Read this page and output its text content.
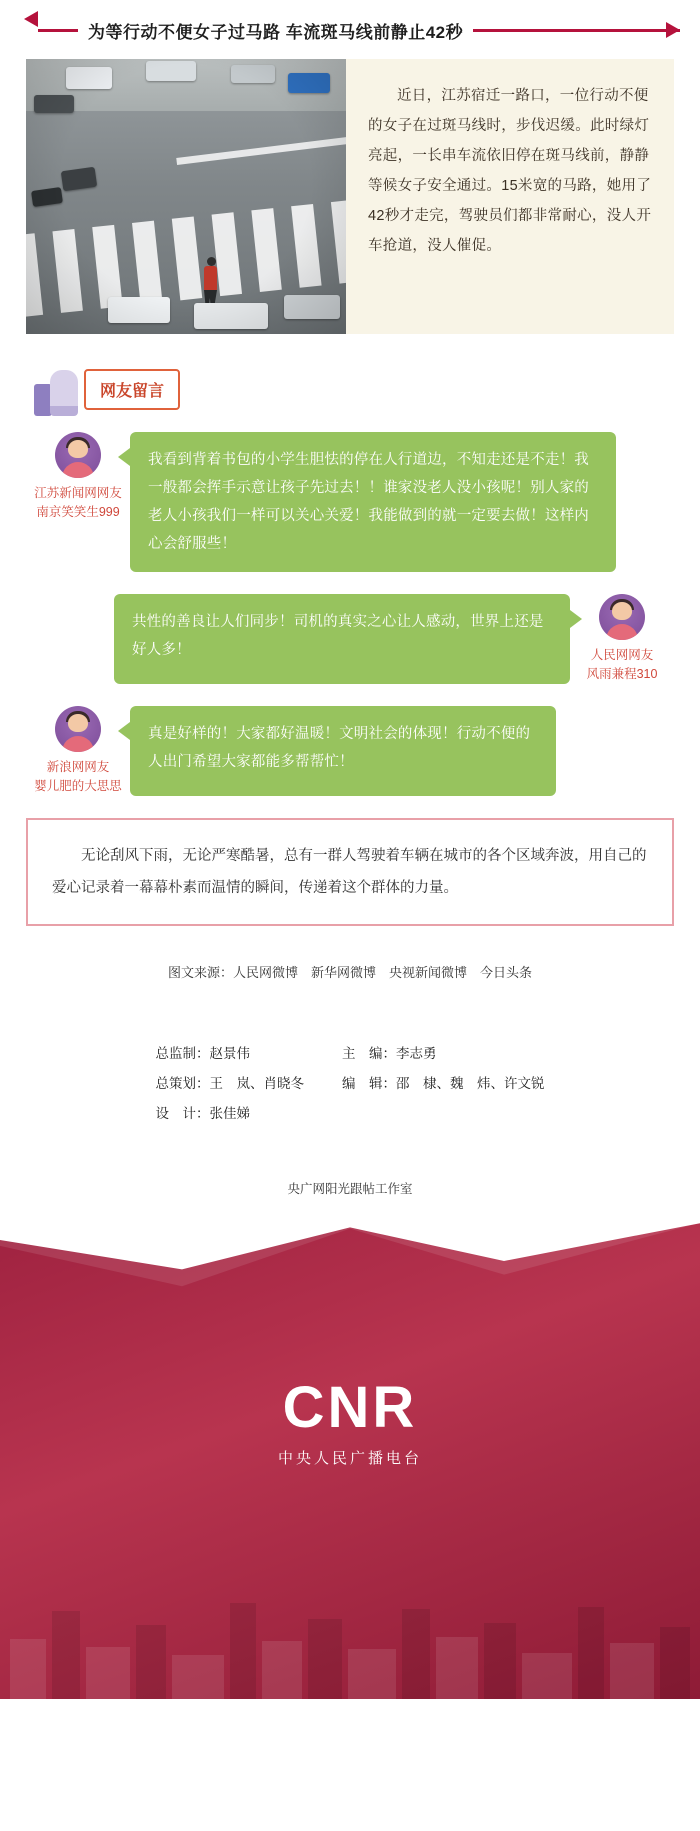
为等行动不便女子过马路 车流斑马线前静止42秒

近日，江苏宿迁一路口，一位行动不便的女子在过斑马线时，步伐迟缓。此时绿灯亮起，一长串车流依旧停在斑马线前，静静等候女子安全通过。15米宽的马路，她用了42秒才走完，驾驶员们都非常耐心，没人开车抢道，没人催促。

网友留言
江苏新闻网网友
南京笑笑生999
我看到背着书包的小学生胆怯的停在人行道边，不知走还是不走！我一般都会挥手示意让孩子先过去！！谁家没老人没小孩呢！别人家的老人小孩我们一样可以关心关爱！我能做到的就一定要去做！这样内心会舒服些！
共性的善良让人们同步！司机的真实之心让人感动，世界上还是好人多！	人民网网友
风雨兼程310
新浪网网友
婴儿肥的大思思
真是好样的！大家都好温暖！文明社会的体现！行动不便的人出门希望大家都能多帮帮忙！

无论刮风下雨，无论严寒酷暑，总有一群人驾驶着车辆在城市的各个区域奔波，用自己的爱心记录着一幕幕朴素而温情的瞬间，传递着这个群体的力量。

图文来源：人民网微博　新华网微博　央视新闻微博　今日头条
总监制：赵景伟
总策划：王　岚、肖晓冬
设　计：张佳娣
主　编：李志勇
编　辑：邵　棣、魏　炜、许文锐
央广网阳光跟帖工作室
CNR
中央人民广播电台
